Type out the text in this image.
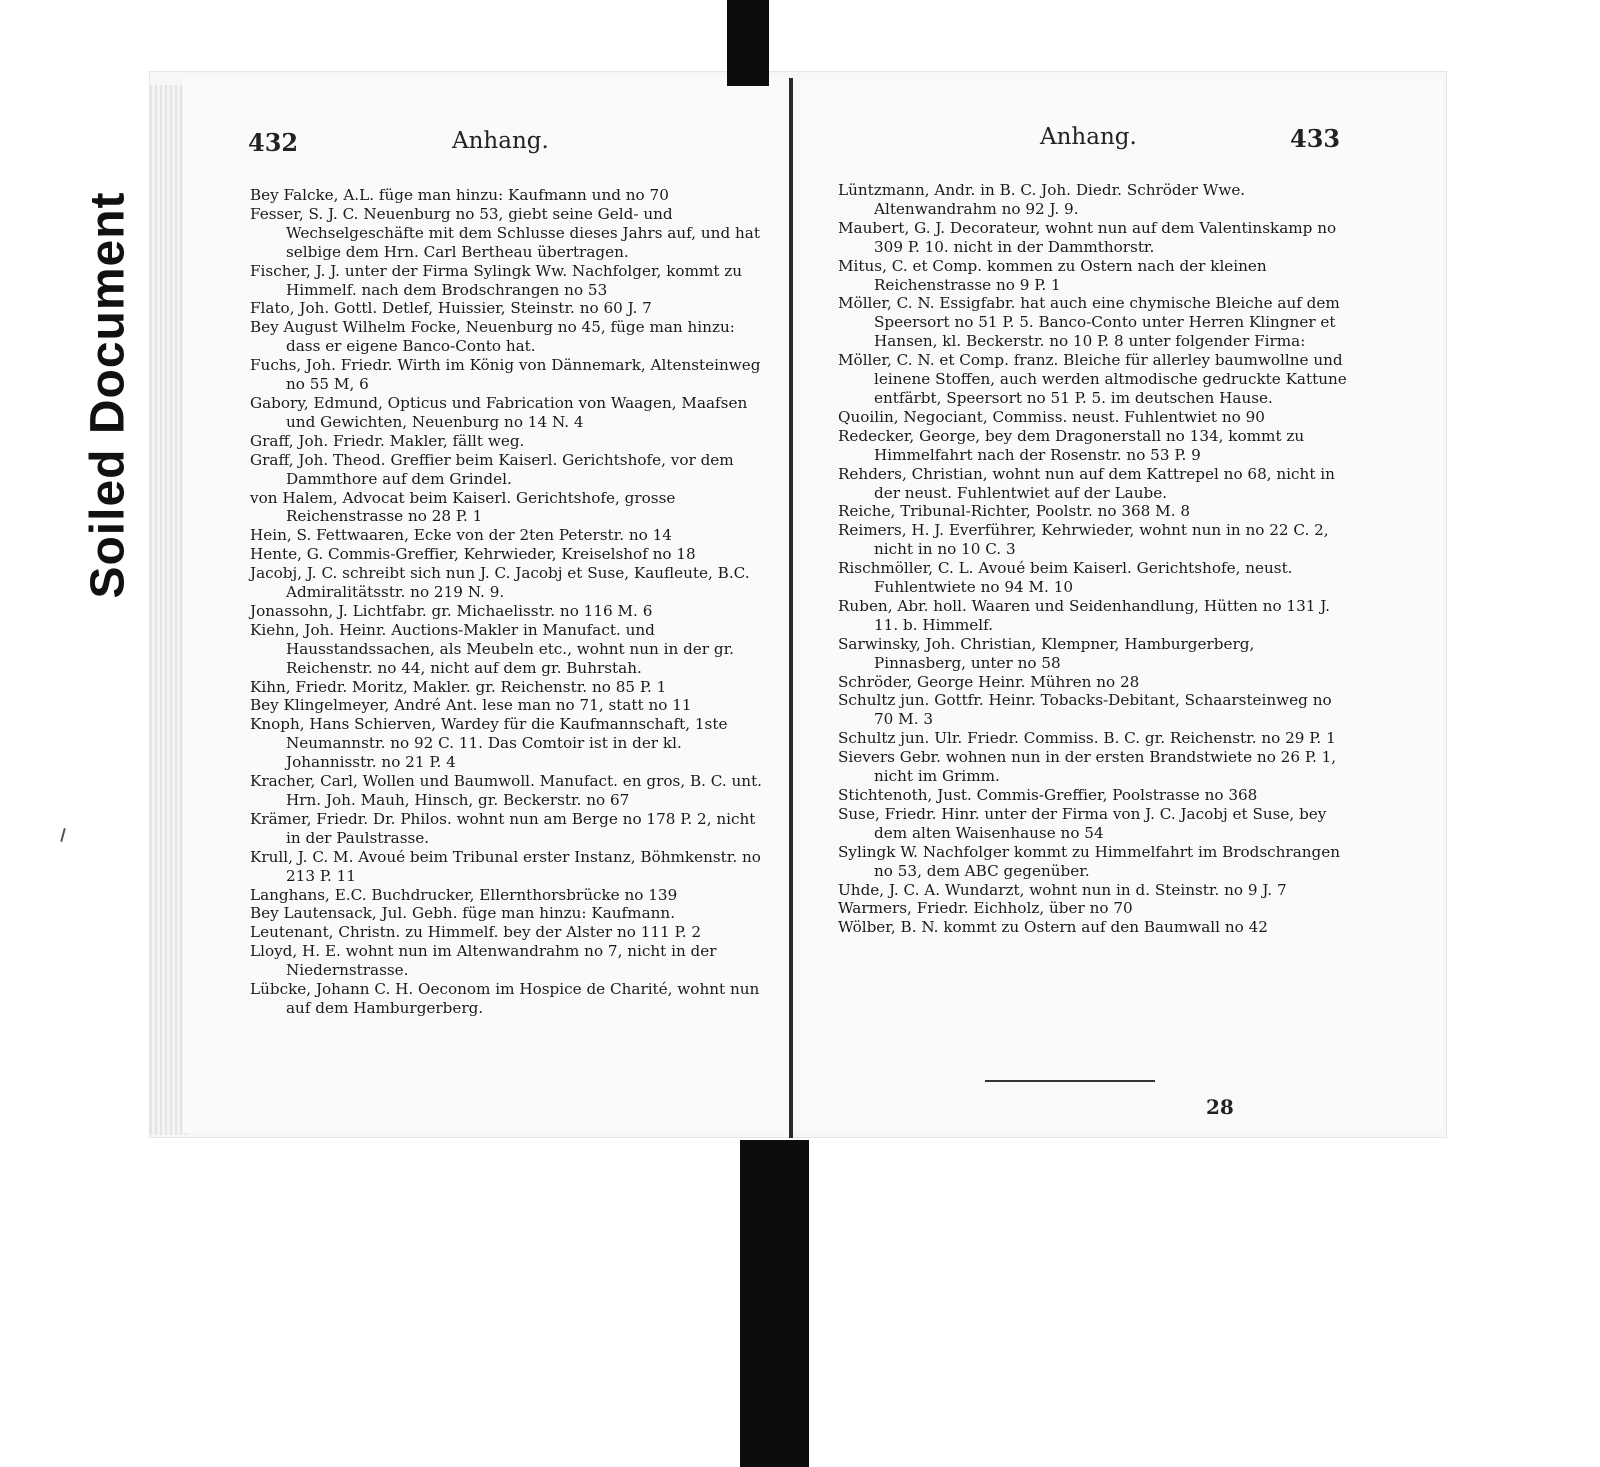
Soiled Document
432	Anhang.	Anhang.	433
Bey Falcke, A.L. füge man hinzu: Kaufmann und no 70
Fesser, S. J. C. Neuenburg no 53, giebt seine Geld- und Wechselgeschäfte mit dem Schlusse dieses Jahrs auf, und hat selbige dem Hrn. Carl Bertheau übertragen.
Fischer, J. J. unter der Firma Sylingk Ww. Nachfolger, kommt zu Himmelf. nach dem Brodschrangen no 53
Flato, Joh. Gottl. Detlef, Huissier, Steinstr. no 60 J. 7
Bey August Wilhelm Focke, Neuenburg no 45, füge man hinzu: dass er eigene Banco-Conto hat.
Fuchs, Joh. Friedr. Wirth im König von Dännemark, Altensteinweg no 55 M, 6
Gabory, Edmund, Opticus und Fabrication von Waagen, Maafsen und Gewichten, Neuenburg no 14 N. 4
Graff, Joh. Friedr. Makler, fällt weg.
Graff, Joh. Theod. Greffier beim Kaiserl. Gerichtshofe, vor dem Dammthore auf dem Grindel.
von Halem, Advocat beim Kaiserl. Gerichtshofe, grosse Reichenstrasse no 28 P. 1
Hein, S. Fettwaaren, Ecke von der 2ten Peterstr. no 14
Hente, G. Commis-Greffier, Kehrwieder, Kreiselshof no 18
Jacobj, J. C. schreibt sich nun J. C. Jacobj et Suse, Kaufleute, B.C. Admiralitätsstr. no 219 N. 9.
Jonassohn, J. Lichtfabr. gr. Michaelisstr. no 116 M. 6
Kiehn, Joh. Heinr. Auctions-Makler in Manufact. und Hausstandssachen, als Meubeln etc., wohnt nun in der gr. Reichenstr. no 44, nicht auf dem gr. Buhrstah.
Kihn, Friedr. Moritz, Makler. gr. Reichenstr. no 85 P. 1
Bey Klingelmeyer, André Ant. lese man no 71, statt no 11
Knoph, Hans Schierven, Wardey für die Kaufmannschaft, 1ste Neumannstr. no 92 C. 11. Das Comtoir ist in der kl. Johannisstr. no 21 P. 4
Kracher, Carl, Wollen und Baumwoll. Manufact. en gros, B. C. unt. Hrn. Joh. Mauh, Hinsch, gr. Beckerstr. no 67
Krämer, Friedr. Dr. Philos. wohnt nun am Berge no 178 P. 2, nicht in der Paulstrasse.
Krull, J. C. M. Avoué beim Tribunal erster Instanz, Böhmkenstr. no 213 P. 11
Langhans, E.C. Buchdrucker, Ellernthorsbrücke no 139
Bey Lautensack, Jul. Gebh. füge man hinzu: Kaufmann.
Leutenant, Christn. zu Himmelf. bey der Alster no 111 P. 2
Lloyd, H. E. wohnt nun im Altenwandrahm no 7, nicht in der Niedernstrasse.
Lübcke, Johann C. H. Oeconom im Hospice de Charité, wohnt nun auf dem Hamburgerberg.
Lüntzmann, Andr. in B. C. Joh. Diedr. Schröder Wwe. Altenwandrahm no 92 J. 9.
Maubert, G. J. Decorateur, wohnt nun auf dem Valentinskamp no 309 P. 10. nicht in der Dammthorstr.
Mitus, C. et Comp. kommen zu Ostern nach der kleinen Reichenstrasse no 9 P. 1
Möller, C. N. Essigfabr. hat auch eine chymische Bleiche auf dem Speersort no 51 P. 5. Banco-Conto unter Herren Klingner et Hansen, kl. Beckerstr. no 10 P. 8 unter folgender Firma:
Möller, C. N. et Comp. franz. Bleiche für allerley baumwollne und leinene Stoffen, auch werden altmodische gedruckte Kattune entfärbt, Speersort no 51 P. 5. im deutschen Hause.
Quoilin, Negociant, Commiss. neust. Fuhlentwiet no 90
Redecker, George, bey dem Dragonerstall no 134, kommt zu Himmelfahrt nach der Rosenstr. no 53 P. 9
Rehders, Christian, wohnt nun auf dem Kattrepel no 68, nicht in der neust. Fuhlentwiet auf der Laube.
Reiche, Tribunal-Richter, Poolstr. no 368 M. 8
Reimers, H. J. Everführer, Kehrwieder, wohnt nun in no 22 C. 2, nicht in no 10 C. 3
Rischmöller, C. L. Avoué beim Kaiserl. Gerichtshofe, neust. Fuhlentwiete no 94 M. 10
Ruben, Abr. holl. Waaren und Seidenhandlung, Hütten no 131 J. 11. b. Himmelf.
Sarwinsky, Joh. Christian, Klempner, Hamburgerberg, Pinnasberg, unter no 58
Schröder, George Heinr. Mühren no 28
Schultz jun. Gottfr. Heinr. Tobacks-Debitant, Schaarsteinweg no 70 M. 3
Schultz jun. Ulr. Friedr. Commiss. B. C. gr. Reichenstr. no 29 P. 1
Sievers Gebr. wohnen nun in der ersten Brandstwiete no 26 P. 1, nicht im Grimm.
Stichtenoth, Just. Commis-Greffier, Poolstrasse no 368
Suse, Friedr. Hinr. unter der Firma von J. C. Jacobj et Suse, bey dem alten Waisenhause no 54
Sylingk W. Nachfolger kommt zu Himmelfahrt im Brodschrangen no 53, dem ABC gegenüber.
Uhde, J. C. A. Wundarzt, wohnt nun in d. Steinstr. no 9 J. 7
Warmers, Friedr. Eichholz, über no 70
Wölber, B. N. kommt zu Ostern auf den Baumwall no 42
28
